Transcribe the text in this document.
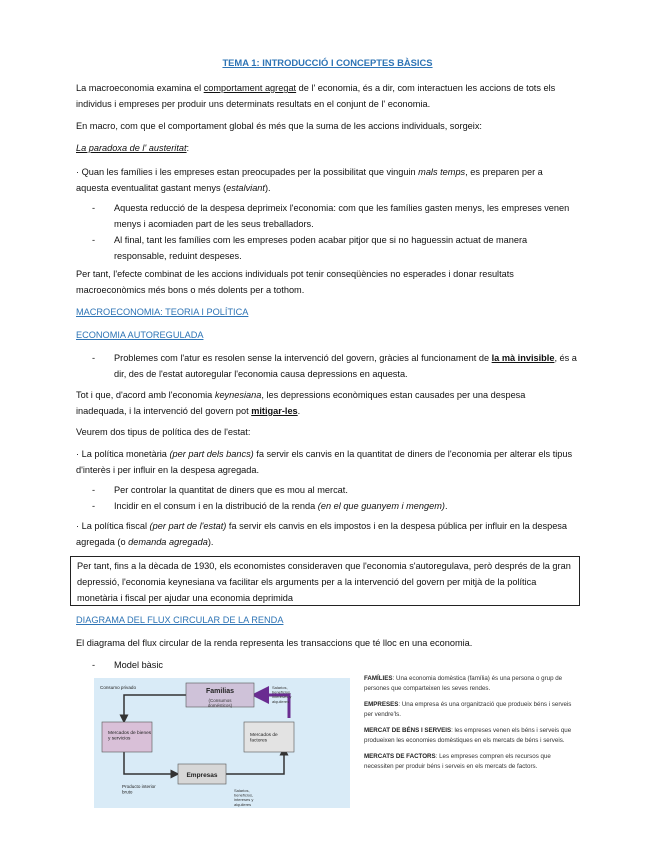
TEMA 1: INTRODUCCIÓ I CONCEPTES BÀSICS

La macroeconomia examina el comportament agregat de l' economia, és a dir, com interactuen les accions de tots els individus i empreses per produir uns determinats resultats en el conjunt de l' economia.

En macro, com que el comportament global és més que la suma de les accions individuals, sorgeix:

La paradoxa de l' austeritat:

· Quan les famílies i les empreses estan preocupades per la possibilitat que vinguin mals temps, es preparen per a aquesta eventualitat gastant menys (estalviant).

- Aquesta reducció de la despesa deprimeix l'economia: com que les famílies gasten menys, les empreses venen menys i acomiaden part de les seus treballadors.
- Al final, tant les famílies com les empreses poden acabar pitjor que si no haguessin actuat de manera responsable, reduint despeses.

Per tant, l'efecte combinat de les accions individuals pot tenir conseqüències no esperades i donar resultats macroeconòmics més bons o més dolents per a tothom.

MACROECONOMIA: TEORIA I POLÍTICA

ECONOMIA AUTOREGULADA

- Problemes com l'atur es resolen sense la intervenció del govern, gràcies al funcionament de la mà invisible, és a dir, des de l'estat autoregular l'economia causa depressions en aquesta.

Tot i que, d'acord amb l'economia keynesiana, les depressions econòmiques estan causades per una despesa inadequada, i la intervenció del govern pot mitigar-les.

Veurem dos tipus de política des de l'estat:

· La política monetària (per part dels bancs) fa servir els canvis en la quantitat de diners de l'economia per alterar els tipus d'interès i per influir en la despesa agregada.

- Per controlar la quantitat de diners que es mou al mercat.
- Incidir en el consum i en la distribució de la renda (en el que guanyem i mengem).

· La política fiscal (per part de l'estat) fa servir els canvis en els impostos i en la despesa pública per influir en la despesa agregada (o demanda agregada).

Per tant, fins a la dècada de 1930, els economistes consideraven que l'economia s'autoregulava, però després de la gran depressió, l'economia keynesiana va facilitar els arguments per a la intervenció del govern per mitjà de la política monetària i fiscal per ajudar una economia deprimida

DIAGRAMA DEL FLUX CIRCULAR DE LA RENDA

El diagrama del flux circular de la renda representa les transaccions que té lloc en una economia.

- Model bàsic
Familias
(Consumos domésticos)
Mercados de bienes y servicios
Mercados de factores
Empresas
Consumo privado	Salarios, beneficios, intereses y alquileres
Salarios, beneficios, intereses y alquileres
Producto interior bruto
FAMÍLIES: Una economia domèstica (família) és una persona o grup de persones que comparteixen les seves rendes.
EMPRESES: Una empresa és una organització que produeix béns i serveis per vendre'ls.
MERCAT DE BÉNS I SERVEIS: les empreses venen els béns i serveis que produeixen les economies domèstiques en els mercats de béns i serveis.
MERCATS DE FACTORS: Les empreses compren els recursos que necessiten per produir béns i serveis en els mercats de factors.
